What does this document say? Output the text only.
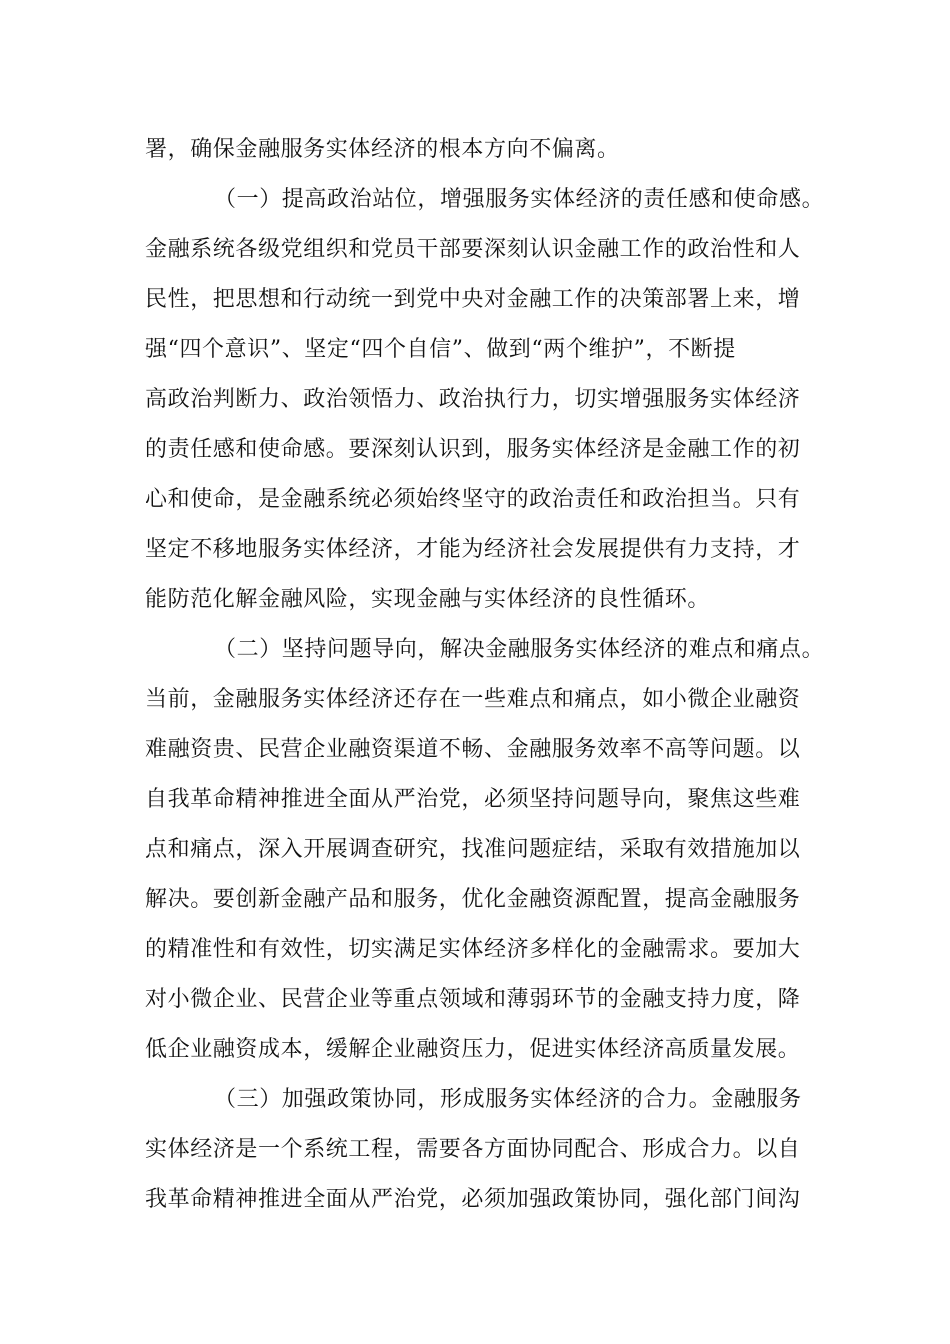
署，确保金融服务实体经济的根本方向不偏离。
（一）提高政治站位，增强服务实体经济的责任感和使命感。
金融系统各级党组织和党员干部要深刻认识金融工作的政治性和人
民性，把思想和行动统一到党中央对金融工作的决策部署上来，增
强“四个意识”、坚定“四个自信”、做到“两个维护”，不断提
高政治判断力、政治领悟力、政治执行力，切实增强服务实体经济
的责任感和使命感。要深刻认识到，服务实体经济是金融工作的初
心和使命，是金融系统必须始终坚守的政治责任和政治担当。只有
坚定不移地服务实体经济，才能为经济社会发展提供有力支持，才
能防范化解金融风险，实现金融与实体经济的良性循环。
（二）坚持问题导向，解决金融服务实体经济的难点和痛点。
当前，金融服务实体经济还存在一些难点和痛点，如小微企业融资
难融资贵、民营企业融资渠道不畅、金融服务效率不高等问题。以
自我革命精神推进全面从严治党，必须坚持问题导向，聚焦这些难
点和痛点，深入开展调查研究，找准问题症结，采取有效措施加以
解决。要创新金融产品和服务，优化金融资源配置，提高金融服务
的精准性和有效性，切实满足实体经济多样化的金融需求。要加大
对小微企业、民营企业等重点领域和薄弱环节的金融支持力度，降
低企业融资成本，缓解企业融资压力，促进实体经济高质量发展。
（三）加强政策协同，形成服务实体经济的合力。金融服务
实体经济是一个系统工程，需要各方面协同配合、形成合力。以自
我革命精神推进全面从严治党，必须加强政策协同，强化部门间沟
